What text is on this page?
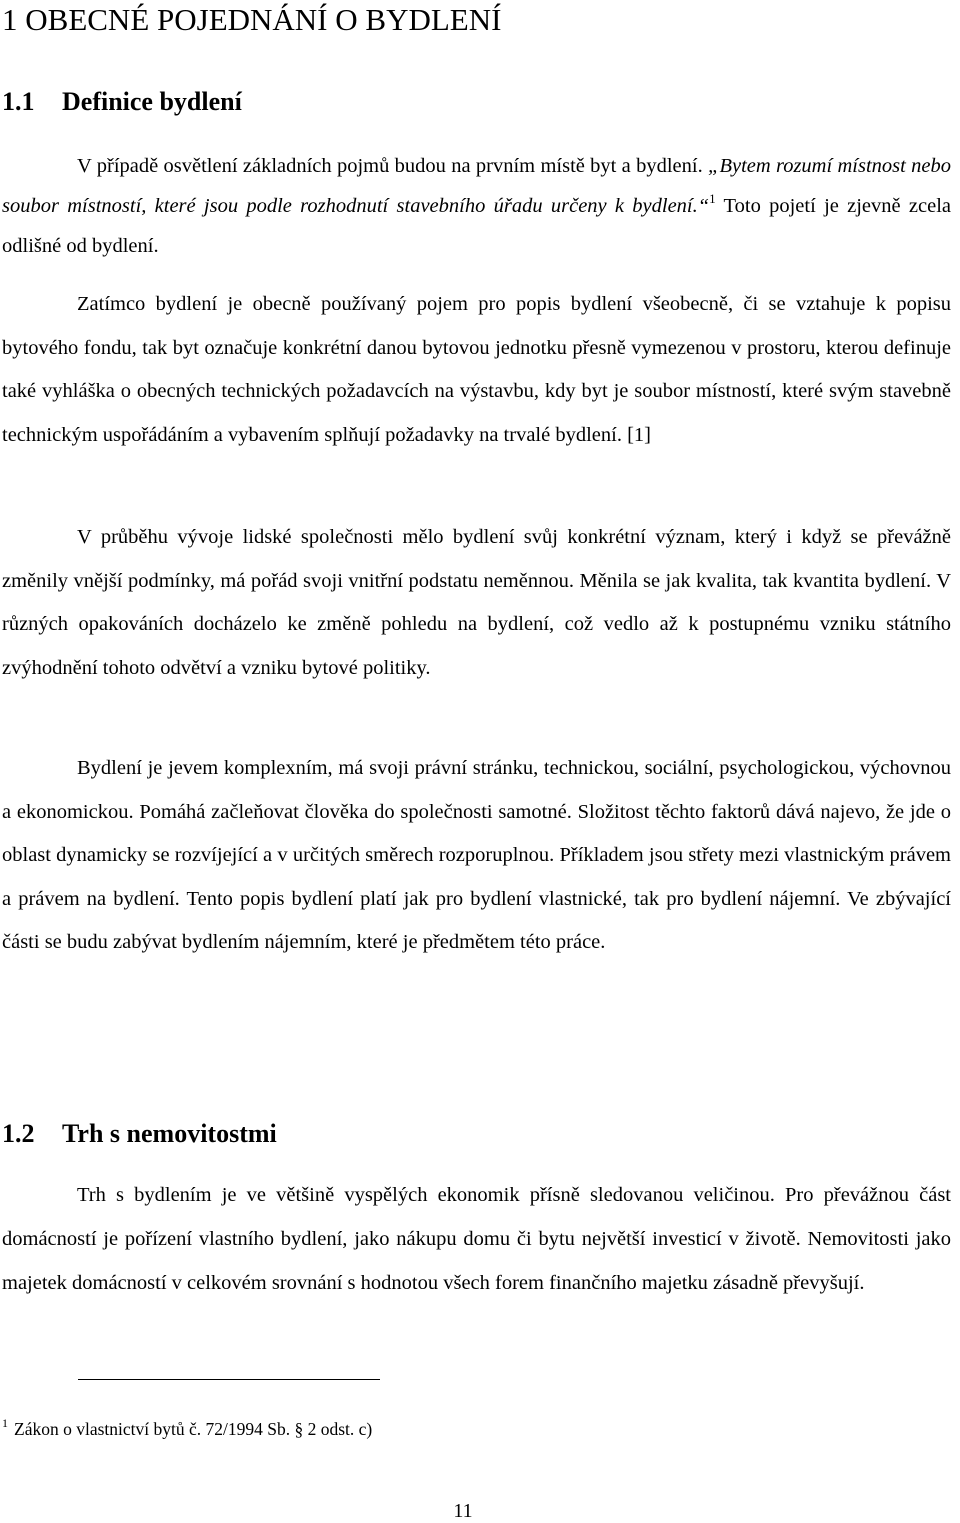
1 OBECNÉ POJEDNÁNÍ O BYDLENÍ
1.1 Definice bydlení

V případě osvětlení základních pojmů budou na prvním místě byt a bydlení. „Bytem rozumí místnost nebo soubor místností, které jsou podle rozhodnutí stavebního úřadu určeny k bydlení.“$^1$ Toto pojetí je zjevně zcela odlišné od bydlení.

Zatímco bydlení je obecně používaný pojem pro popis bydlení všeobecně, či se vztahuje k popisu bytového fondu, tak byt označuje konkrétní danou bytovou jednotku přesně vymezenou v prostoru, kterou definuje také vyhláška o obecných technických požadavcích na výstavbu, kdy byt je soubor místností, které svým stavebně technickým uspořádáním a vybavením splňují požadavky na trvalé bydlení. [1]

V průběhu vývoje lidské společnosti mělo bydlení svůj konkrétní význam, který i když se převážně změnily vnější podmínky, má pořád svoji vnitřní podstatu neměnnou. Měnila se jak kvalita, tak kvantita bydlení. V různých opakováních docházelo ke změně pohledu na bydlení, což vedlo až k postupnému vzniku státního zvýhodnění tohoto odvětví a vzniku bytové politiky.

Bydlení je jevem komplexním, má svoji právní stránku, technickou, sociální, psychologickou, výchovnou a ekonomickou. Pomáhá začleňovat člověka do společnosti samotné. Složitost těchto faktorů dává najevo, že jde o oblast dynamicky se rozvíjející a v určitých směrech rozporuplnou. Příkladem jsou střety mezi vlastnickým právem a právem na bydlení. Tento popis bydlení platí jak pro bydlení vlastnické, tak pro bydlení nájemní. Ve zbývající části se budu zabývat bydlením nájemním, které je předmětem této práce.

1.2 Trh s nemovitostmi

Trh s bydlením je ve většině vyspělých ekonomik přísně sledovanou veličinou. Pro převážnou část domácností je pořízení vlastního bydlení, jako nákupu domu či bytu největší investicí v životě. Nemovitosti jako majetek domácností v celkovém srovnání s hodnotou všech forem finančního majetku zásadně převyšují.

$^1$ Zákon o vlastnictví bytů č. 72/1994 Sb. § 2 odst. c)

11
